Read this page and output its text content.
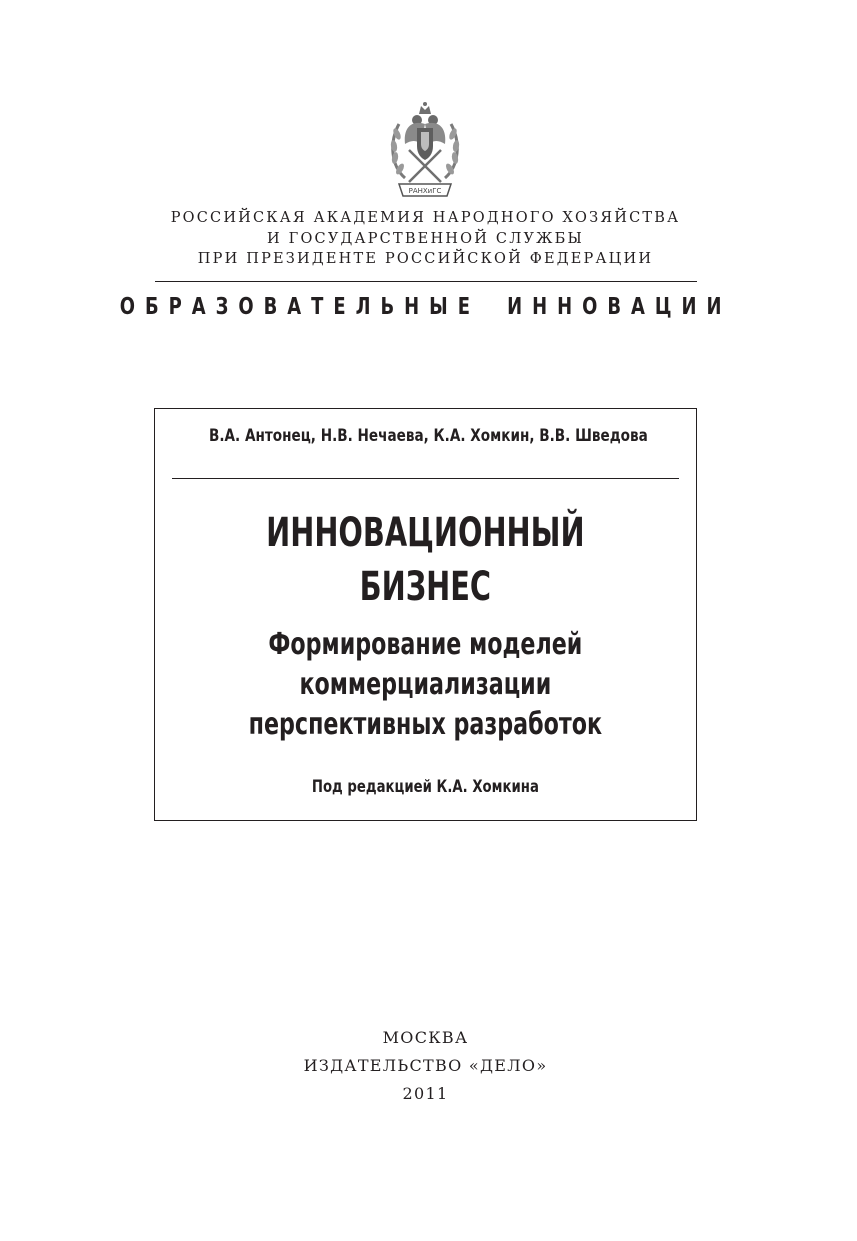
РАНХиГС
РОССИЙСКАЯ АКАДЕМИЯ НАРОДНОГО ХОЗЯЙСТВА
И ГОСУДАРСТВЕННОЙ СЛУЖБЫ
ПРИ ПРЕЗИДЕНТЕ РОССИЙСКОЙ ФЕДЕРАЦИИ
ОБРАЗОВАТЕЛЬНЫЕ ИННОВАЦИИ
В.А. Антонец, Н.В. Нечаева, К.А. Хомкин, В.В. Шведова
ИННОВАЦИОННЫЙ
БИЗНЕС
Формирование моделей
коммерциализации
перспективных разработок
Под редакцией К.А. Хомкина
МОСКВА
ИЗДАТЕЛЬСТВО «ДЕЛО»
2011
